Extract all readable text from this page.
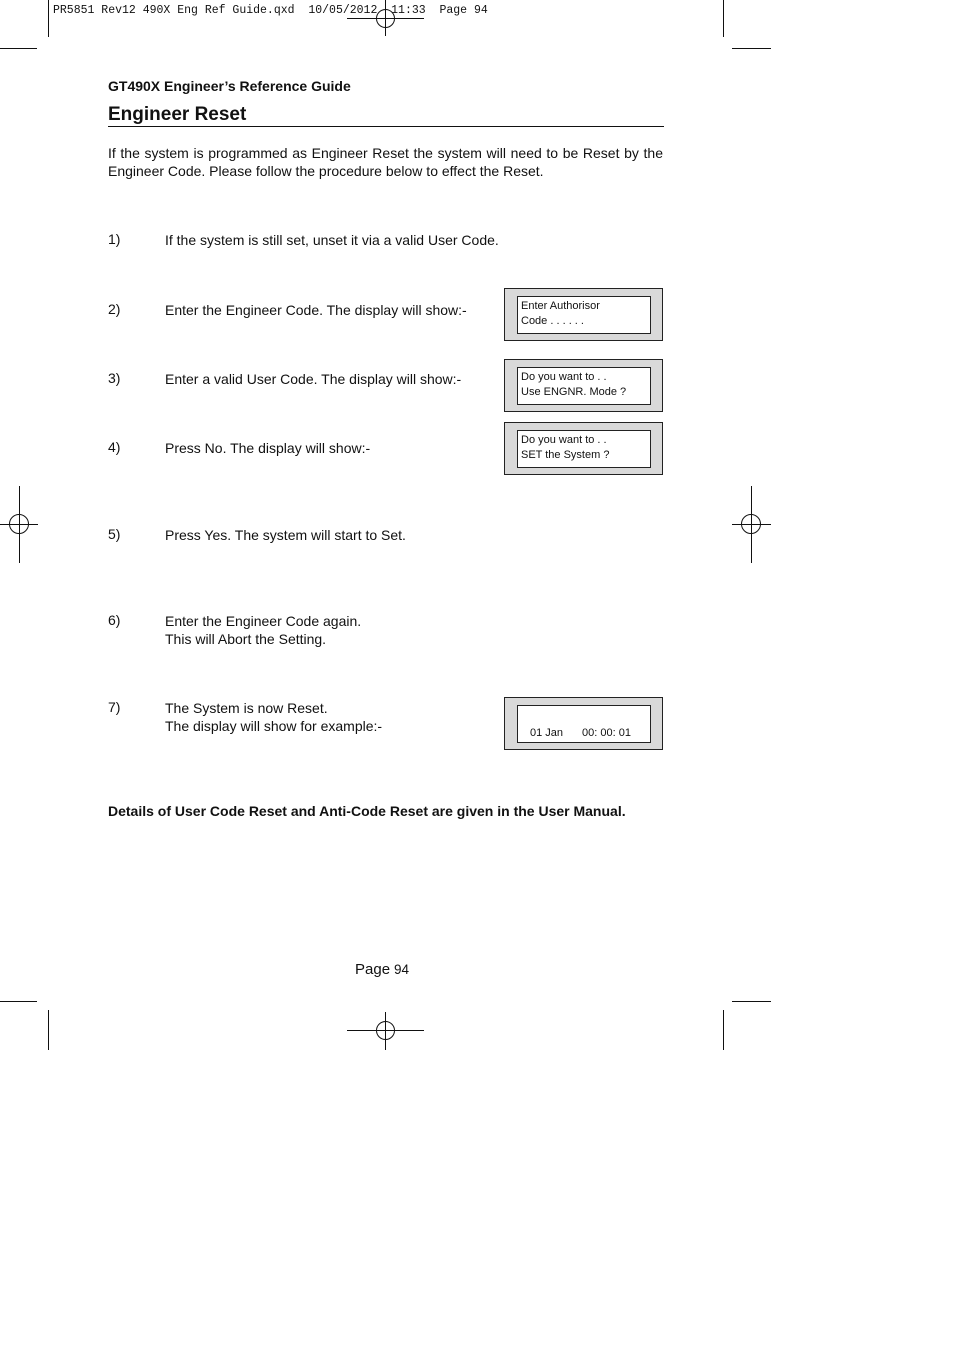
PR5851 Rev12 490X Eng Ref Guide.qxd  10/05/2012  11:33  Page 94
GT490X Engineer’s Reference Guide
Engineer Reset
If the system is programmed as Engineer Reset the system will need to be Reset by the Engineer Code. Please follow the procedure below to effect the Reset.
1)	If the system is still set, unset it via a valid User Code.
2)	Enter the Engineer Code. The display will show:-	Enter Authorisor
Code . . . . . .
3)	Enter a valid User Code. The display will show:-	Do you want to . .
Use ENGNR. Mode ?
4)	Press No. The display will show:-	Do you want to . .
SET the System ?
5)	Press Yes. The system will start to Set.
6)	Enter the Engineer Code again.
This will Abort the Setting.
7)	The System is now Reset.
The display will show for example:-	01 Jan 00: 00: 01
Details of User Code Reset and Anti-Code Reset are given in the User Manual.
Page 94
